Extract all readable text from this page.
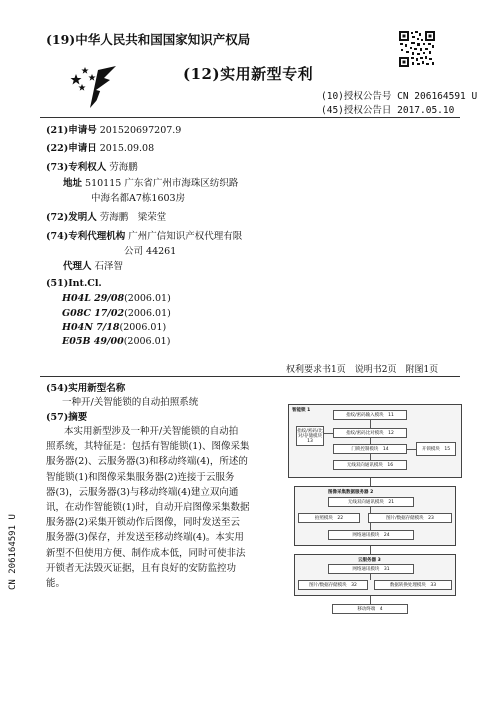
(19)中华人民共和国国家知识产权局
(12)实用新型专利
(10)授权公告号 CN 206164591 U
(45)授权公告日 2017.05.10
(21)申请号 201520697207.9
(22)申请日 2015.09.08
(73)专利权人 劳海鹏
地址 510115 广东省广州市海珠区纺织路
中海名都A7栋1603房
(72)发明人 劳海鹏　梁荣堂
(74)专利代理机构 广州广信知识产权代理有限
公司 44261
代理人 石泽智
(51)Int.Cl.
H04L 29/08(2006.01)
G08C 17/02(2006.01)
H04N 7/18(2006.01)
E05B 49/00(2006.01)
权利要求书1页　说明书2页　附图1页
(54)实用新型名称
一种开/关智能锁的自动拍照系统
(57)摘要

本实用新型涉及一种开/关智能锁的自动拍

照系统，其特征是：包括有智能锁(1)、图像采集

服务器(2)、云服务器(3)和移动终端(4)，所述的

智能锁(1)和图像采集服务器(2)连接于云服务

器(3)，云服务器(3)与移动终端(4)建立双向通

讯，在动作智能锁(1)时，自动开启图像采集数据

服务器(2)采集开锁动作后图像，同时发送至云

服务器(3)保存，并发送至移动终端(4)。本实用

新型不但使用方便、制作成本低，同时可使非法

开锁者无法毁灭证据，且有良好的安防监控功

能。

CN 206164591 U
智能锁 1
指纹/密码输入模块　11
指纹/密码/比对/存储模块 13
指纹/密码比对模块　12
门锁控制模块　14	开锁模块　15
无线双向通讯模块　16
图像采集数据服务器 2
无线双向通讯模块　21
拍照模块　22	图片/数据存储模块　23
网络通讯模块　24
云服务器 3
网络通讯模块　31
图片/数据存储模块　32	数据转换处理模块　33
移动终端　4
